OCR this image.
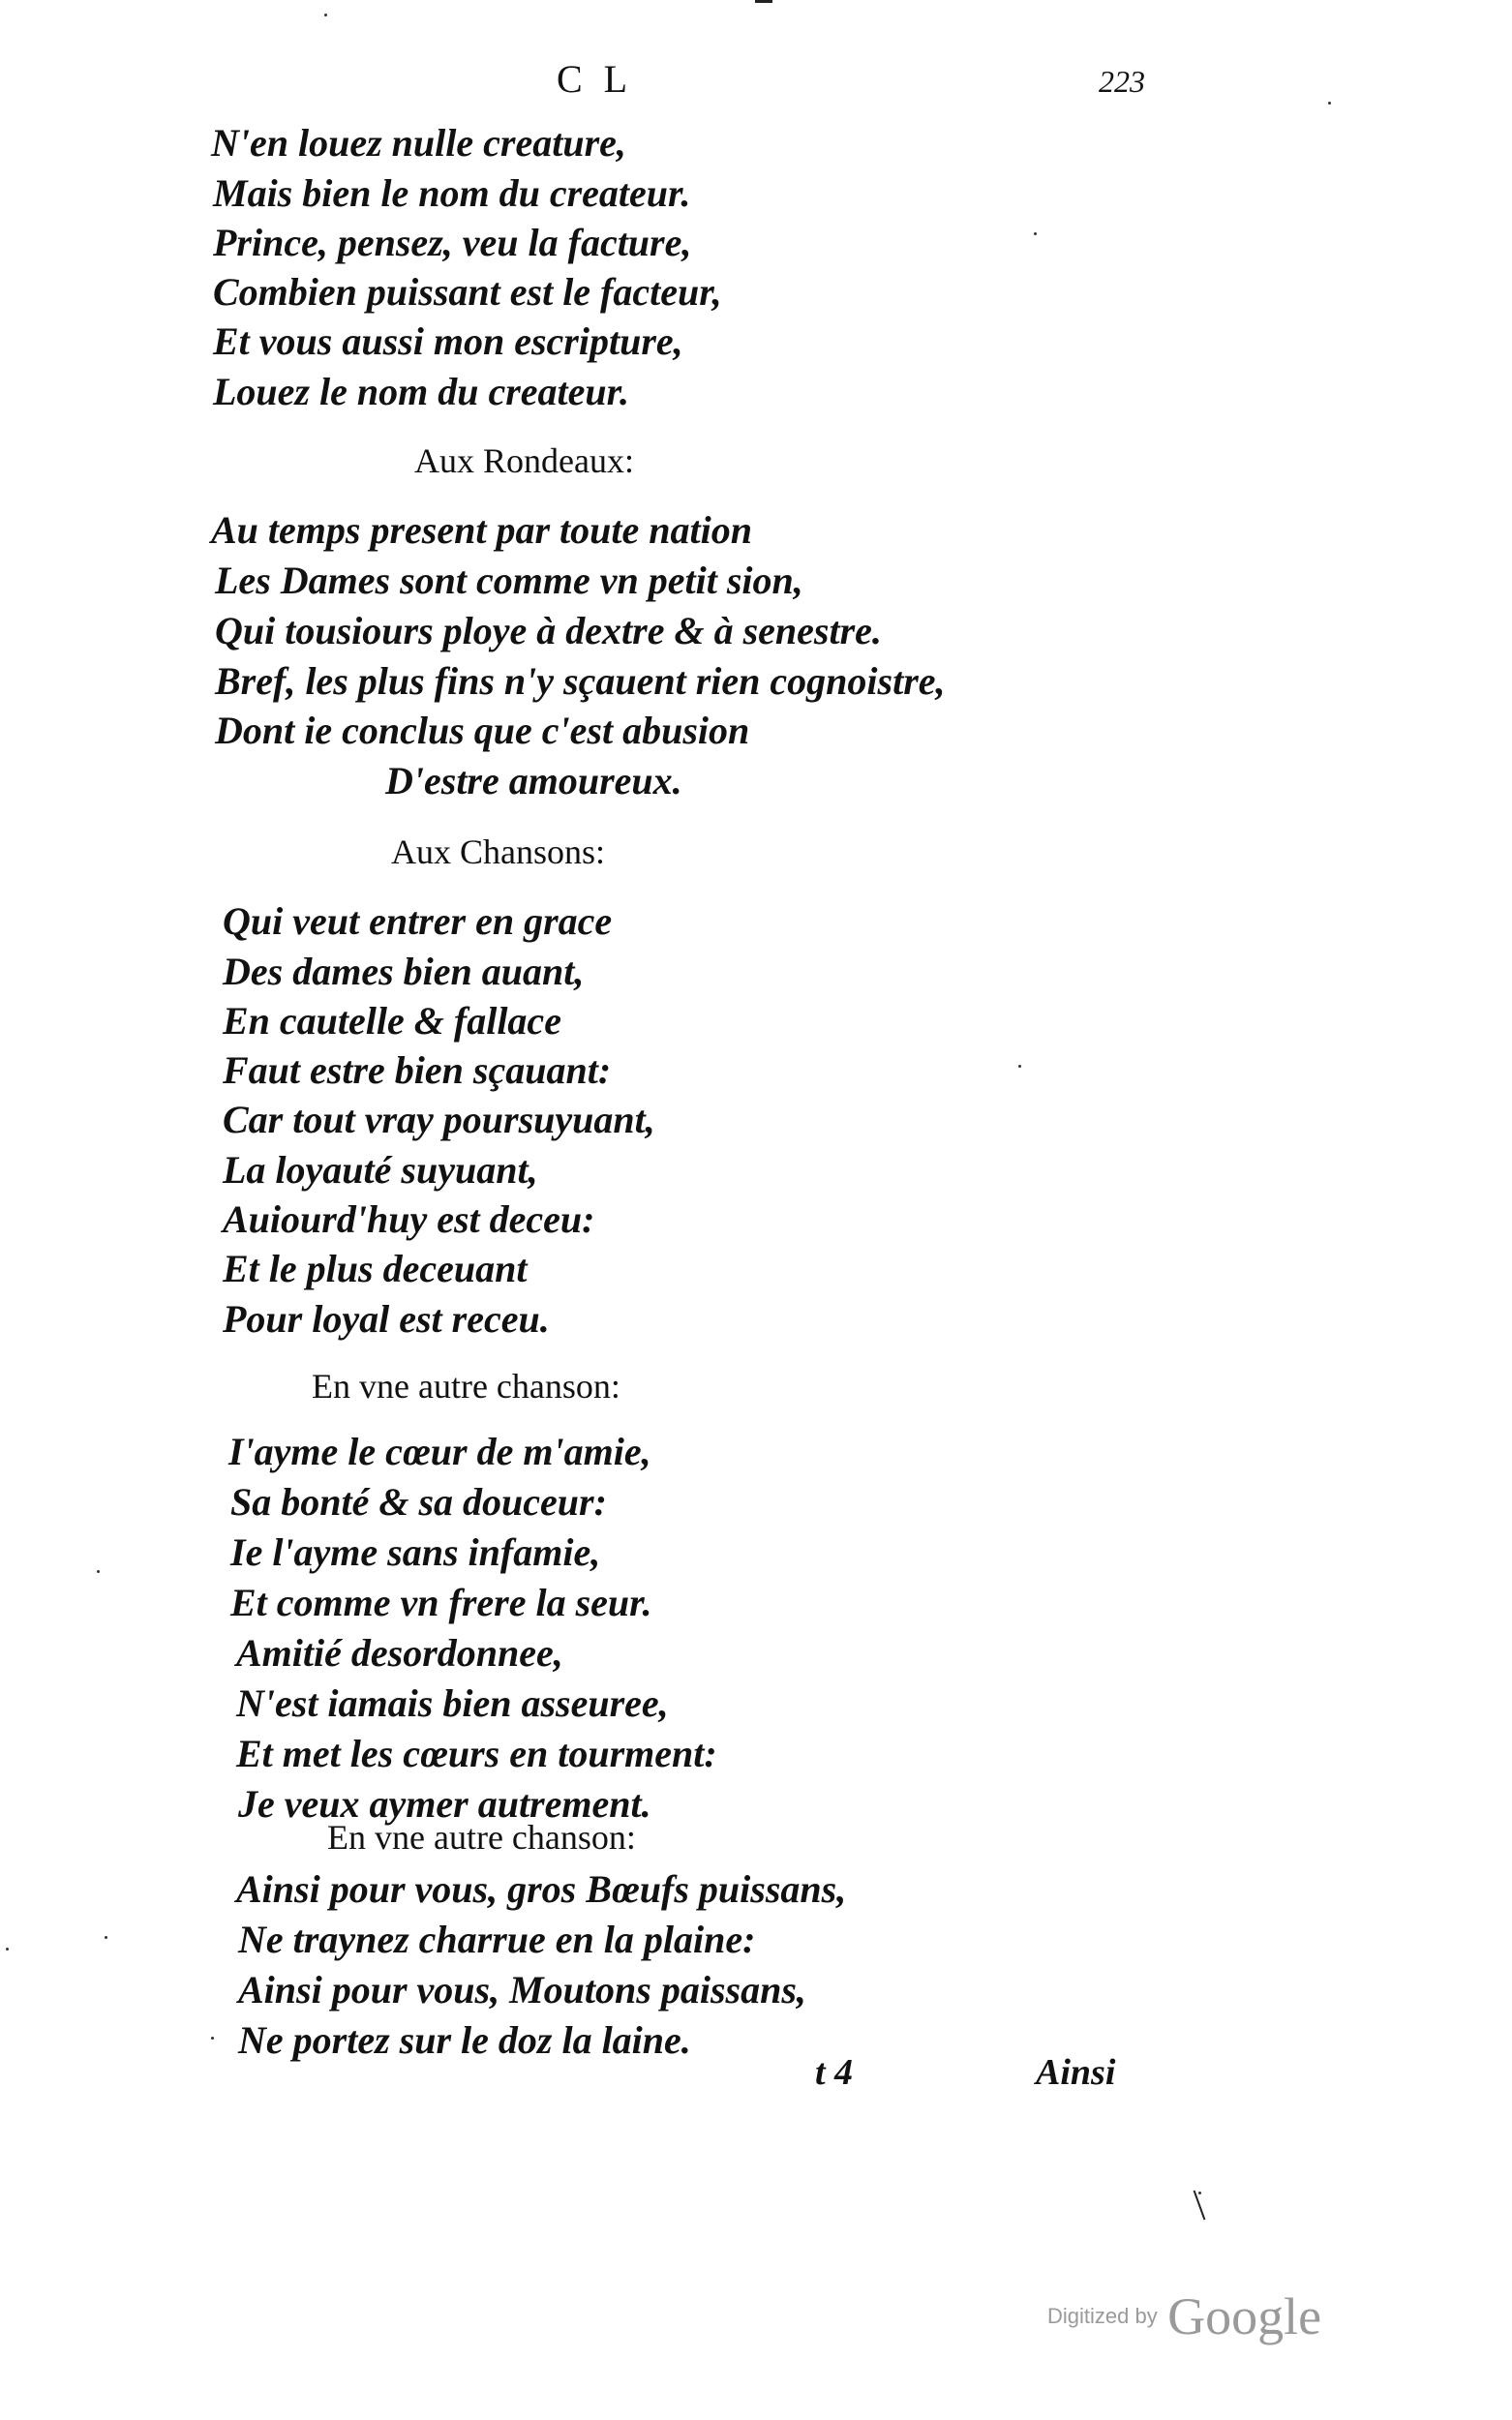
C L	223
N'en louez nulle creature,
Mais bien le nom du createur.
Prince, pensez, veu la facture,
Combien puissant est le facteur,
Et vous aussi mon escripture,
Louez le nom du createur.
Aux Rondeaux:
Au temps present par toute nation
Les Dames sont comme vn petit sion,
Qui tousiours ploye à dextre & à senestre.
Bref, les plus fins n'y sçauent rien cognoistre,
Dont ie conclus que c'est abusion
D'estre amoureux.
Aux Chansons:
Qui veut entrer en grace
Des dames bien auant,
En cautelle & fallace
Faut estre bien sçauant:
Car tout vray poursuyuant,
La loyauté suyuant,
Auiourd'huy est deceu:
Et le plus deceuant
Pour loyal est receu.
En vne autre chanson:
I'ayme le cœur de m'amie,
Sa bonté & sa douceur:
Ie l'ayme sans infamie,
Et comme vn frere la seur.
Amitié desordonnee,
N'est iamais bien asseuree,
Et met les cœurs en tourment:
Je veux aymer autrement.
En vne autre chanson:
Ainsi pour vous, gros Bœufs puissans,
Ne traynez charrue en la plaine:
Ainsi pour vous, Moutons paissans,
Ne portez sur le doz la laine.
t 4	Ainsi
Digitized by Google
